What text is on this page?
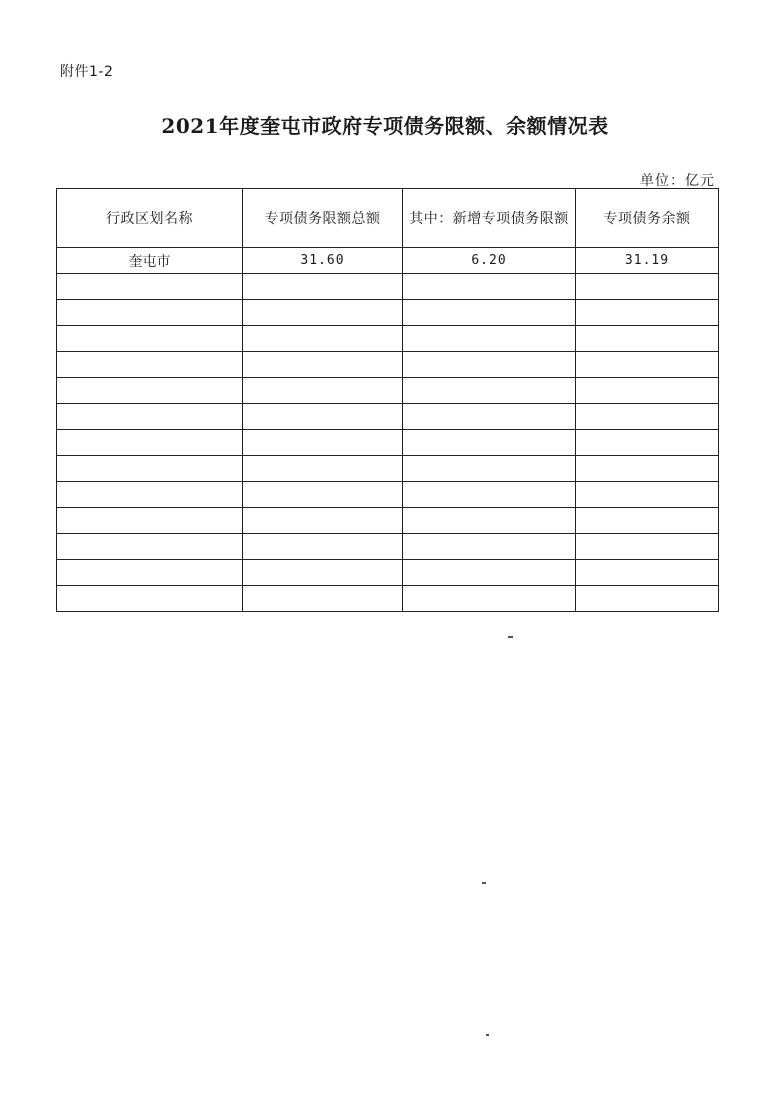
附件1-2
2021年度奎屯市政府专项债务限额、余额情况表
单位：亿元
行政区划名称	专项债务限额总额	其中：新增专项债务限额	专项债务余额
奎屯市	31.60	6.20	31.19
